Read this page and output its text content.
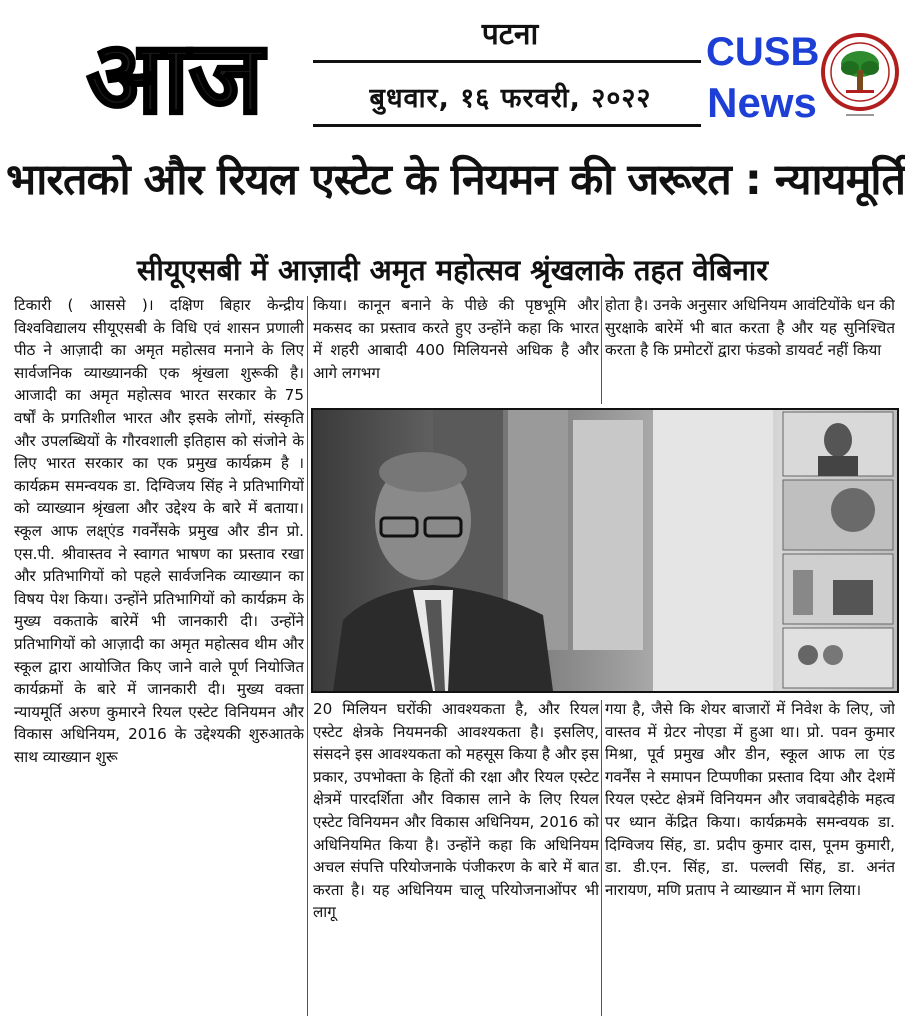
आज	पटना
बुधवार, १६ फरवरी, २०२२
CUSB
News
भारतको और रियल एस्टेट के नियमन की जरूरत : न्यायमूर्ति
सीयूएसबी में आज़ादी अमृत महोत्सव श्रृंखलाके तहत वेबिनार

टिकारी ( आससे )। दक्षिण बिहार केन्द्रीय विश्वविद्यालय सीयूएसबी के विधि एवं शासन प्रणाली पीठ ने आज़ादी का अमृत महोत्सव मनाने के लिए सार्वजनिक व्याख्यानकी एक श्रृंखला शुरूकी है। आजादी का अमृत महोत्सव भारत सरकार के 75 वर्षों के प्रगतिशील भारत और इसके लोगों, संस्कृति और उपलब्धियों के गौरवशाली इतिहास को संजोने के लिए भारत सरकार का एक प्रमुख कार्यक्रम है । कार्यक्रम समन्वयक डा. दिग्विजय सिंह ने प्रतिभागियों को व्याख्यान श्रृंखला और उद्देश्य के बारे में बताया। स्कूल आफ लक्ष्एंड गवर्नेंसके प्रमुख और डीन प्रो. एस.पी. श्रीवास्तव ने स्वागत भाषण का प्रस्ताव रखा और प्रतिभागियों को पहले सार्वजनिक व्याख्यान का विषय पेश किया। उन्होंने प्रतिभागियों को कार्यक्रम के मुख्य वकताके बारेमें भी जानकारी दी। उन्होंने प्रतिभागियों को आज़ादी का अमृत महोत्सव थीम और स्कूल द्वारा आयोजित किए जाने वाले पूर्ण नियोजित कार्यक्रमों के बारे में जानकारी दी। मुख्य वक्ता न्यायमूर्ति अरुण कुमारने रियल एस्टेट विनियमन और विकास अधिनियम, 2016 के उद्देश्यकी शुरुआतके साथ व्याख्यान शुरू

किया। कानून बनाने के पीछे की पृष्ठभूमि और मकसद का प्रस्ताव करते हुए उन्होंने कहा कि भारत में शहरी आबादी 400 मिलियनसे अधिक है और आगे लगभग

होता है। उनके अनुसार अधिनियम आवंटियोंके धन की सुरक्षाके बारेमें भी बात करता है और यह सुनिश्चित करता है कि प्रमोटरों द्वारा फंडको डायवर्ट नहीं किया

20 मिलियन घरोंकी आवश्यकता है, और रियल एस्टेट क्षेत्रके नियमनकी आवश्यकता है। इसलिए, संसदने इस आवश्यकता को महसूस किया है और इस प्रकार, उपभोक्ता के हितों की रक्षा और रियल एस्टेट क्षेत्रमें पारदर्शिता और विकास लाने के लिए रियल एस्टेट विनियमन और विकास अधिनियम, 2016 को अधिनियमित किया है। उन्होंने कहा कि अधिनियम अचल संपत्ति परियोजनाके पंजीकरण के बारे में बात करता है। यह अधिनियम चालू परियोजनाओंपर भी लागू

गया है, जैसे कि शेयर बाजारों में निवेश के लिए, जो वास्तव में ग्रेटर नोएडा में हुआ था। प्रो. पवन कुमार मिश्रा, पूर्व प्रमुख और डीन, स्कूल आफ ला एंड गवर्नेंस ने समापन टिप्पणीका प्रस्ताव दिया और देशमें रियल एस्टेट क्षेत्रमें विनियमन और जवाबदेहीके महत्व पर ध्यान केंद्रित किया। कार्यक्रमके समन्वयक डा. दिग्विजय सिंह, डा. प्रदीप कुमार दास, पूनम कुमारी, डा. डी.एन. सिंह, डा. पल्लवी सिंह, डा. अनंत नारायण, मणि प्रताप ने व्याख्यान में भाग लिया।
